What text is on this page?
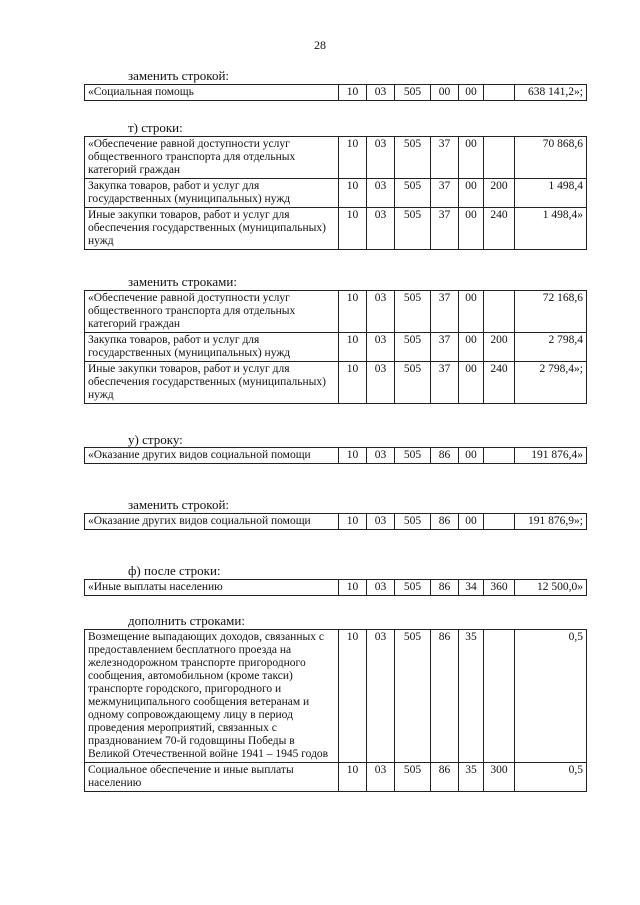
28
заменить строкой:
«Социальная помощь	10	03	505	00	00		638 141,2»;
т) строки:
«Обеспечение равной доступности услуг общественного транспорта для отдельных категорий граждан	10	03	505	37	00		70 868,6
Закупка товаров, работ и услуг для государственных (муниципальных) нужд	10	03	505	37	00	200	1 498,4
Иные закупки товаров, работ и услуг для обеспечения государственных (муниципальных) нужд	10	03	505	37	00	240	1 498,4»
заменить строками:
«Обеспечение равной доступности услуг общественного транспорта для отдельных категорий граждан	10	03	505	37	00		72 168,6
Закупка товаров, работ и услуг для государственных (муниципальных) нужд	10	03	505	37	00	200	2 798,4
Иные закупки товаров, работ и услуг для обеспечения государственных (муниципальных) нужд	10	03	505	37	00	240	2 798,4»;
у) строку:
«Оказание других видов социальной помощи	10	03	505	86	00		191 876,4»
заменить строкой:
«Оказание других видов социальной помощи	10	03	505	86	00		191 876,9»;
ф) после строки:
«Иные выплаты населению	10	03	505	86	34	360	12 500,0»
дополнить строками:
Возмещение выпадающих доходов, связанных с предоставлением бесплатного проезда на железнодорожном транспорте пригородного сообщения, автомобильном (кроме такси) транспорте городского, пригородного и межмуниципального сообщения ветеранам и одному сопровождающему лицу в период проведения мероприятий, связанных с празднованием 70-й годовщины Победы в Великой Отечественной войне 1941 – 1945 годов	10	03	505	86	35		0,5
Социальное обеспечение и иные выплаты населению	10	03	505	86	35	300	0,5
